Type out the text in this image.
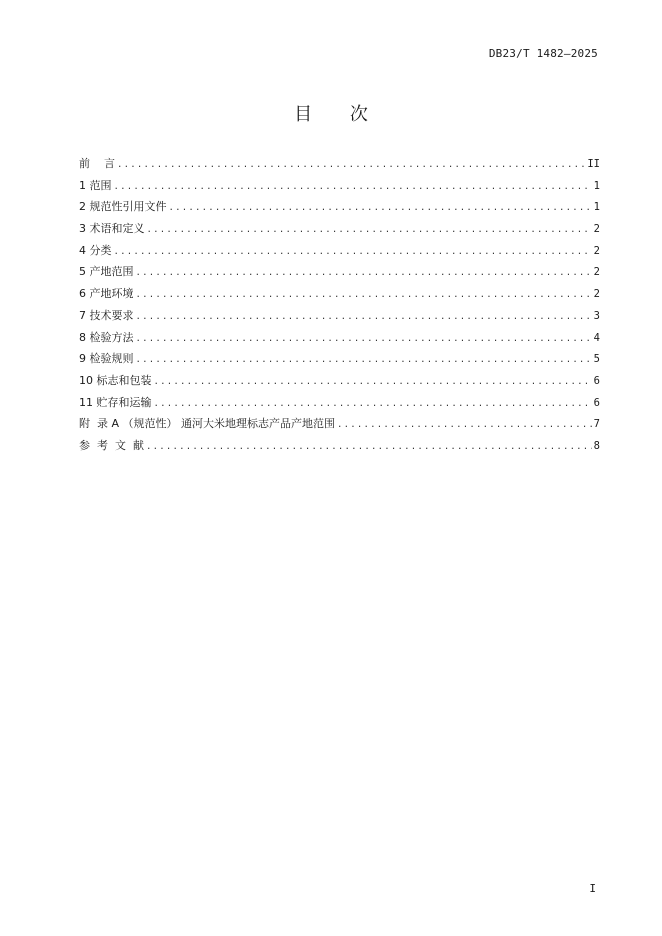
DB23/T 1482—2025
目 次
前    言 .....	II
1 范围 .....	1
2 规范性引用文件 .....	1
3 术语和定义 .....	2
4 分类 .....	2
5 产地范围 .....	2
6 产地环境 .....	2
7 技术要求 .....	3
8 检验方法 .....	4
9 检验规则 .....	5
10 标志和包装 .....	6
11 贮存和运输 .....	6
附  录 A （规范性） 通河大米地理标志产品产地范围 .....	7
参  考  文  献 .....	8
I
